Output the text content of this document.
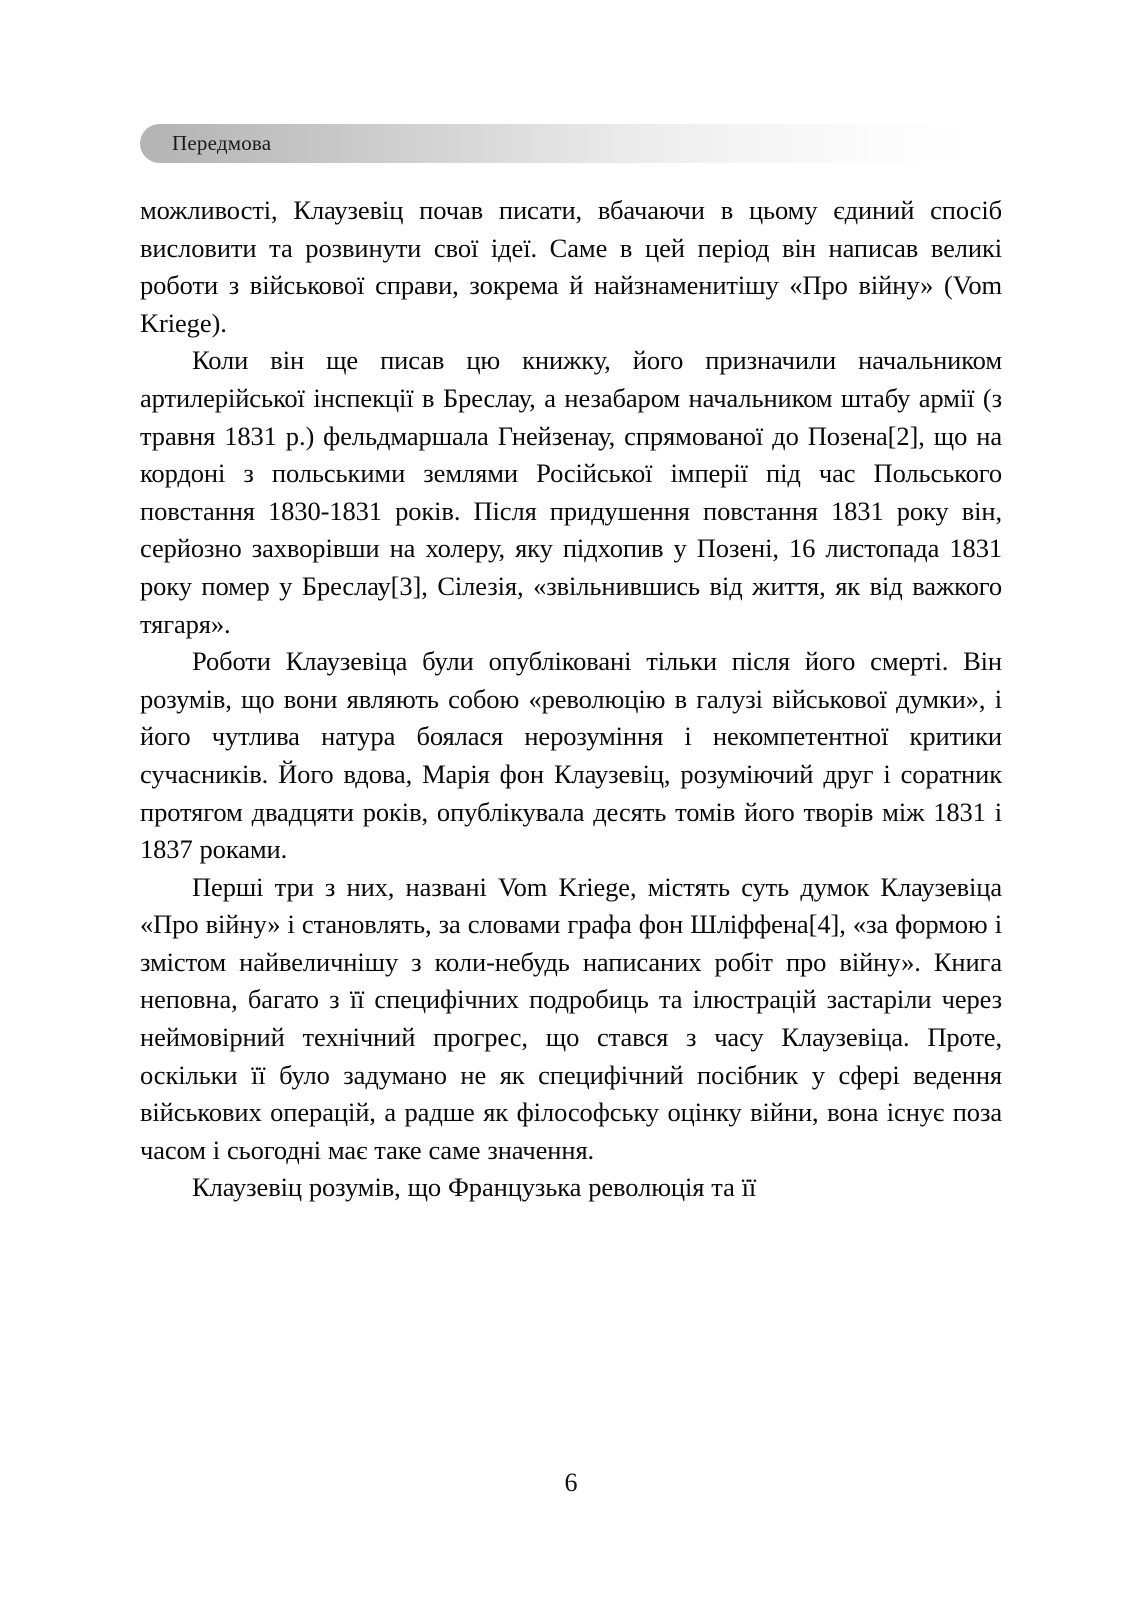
Передмова

можливості, Клаузевіц почав писати, вбачаючи в цьому єдиний спосіб висловити та розвинути свої ідеї. Саме в цей період він написав великі роботи з військової справи, зокрема й найзнаменитішу «Про війну» (Vom Kriege).

Коли він ще писав цю книжку, його призначили начальником артилерійської інспекції в Бреслау, а незабаром начальником штабу армії (з травня 1831 р.) фельдмаршала Гнейзенау, спрямованої до Позена[2], що на кордоні з польськими землями Російської імперії під час Польського повстання 1830-1831 років. Після придушення повстання 1831 року він, серйозно захворівши на холеру, яку підхопив у Позені, 16 листопада 1831 року помер у Бреслау[3], Сілезія, «звільнившись від життя, як від важкого тягаря».

Роботи Клаузевіца були опубліковані тільки після його смерті. Він розумів, що вони являють собою «революцію в галузі військової думки», і його чутлива натура боялася нерозуміння і некомпетентної критики сучасників. Його вдова, Марія фон Клаузевіц, розуміючий друг і соратник протягом двадцяти років, опублікувала десять томів його творів між 1831 і 1837 роками.

Перші три з них, названі Vom Kriege, містять суть думок Клаузевіца «Про війну» і становлять, за словами графа фон Шліффена[4], «за формою і змістом найвеличнішу з коли-небудь написаних робіт про війну». Книга неповна, багато з її специфічних подробиць та ілюстрацій застаріли через неймовірний технічний прогрес, що стався з часу Клаузевіца. Проте, оскільки її було задумано не як специфічний посібник у сфері ведення військових операцій, а радше як філософську оцінку війни, вона існує поза часом і сьогодні має таке саме значення.

Клаузевіц розумів, що Французька революція та її

6
